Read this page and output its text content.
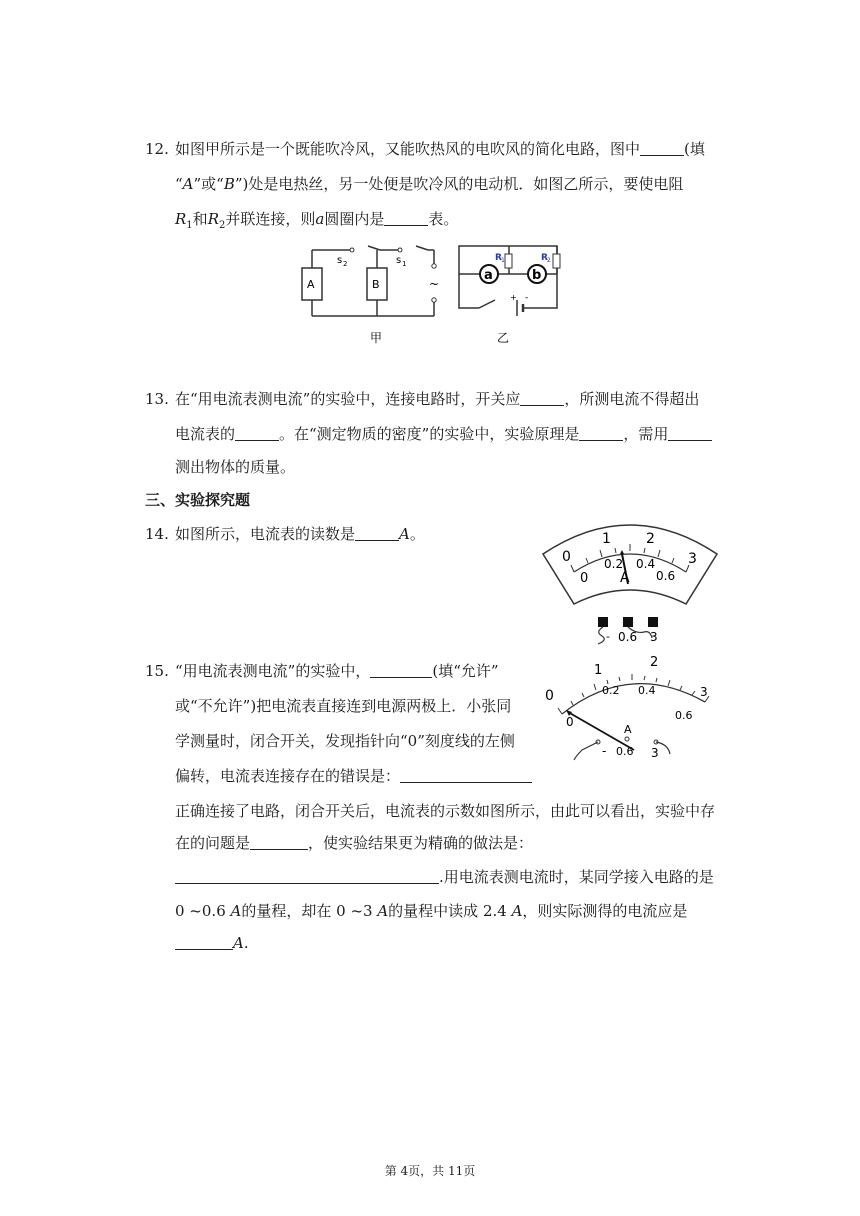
12. 如图甲所示是一个既能吹冷风，又能吹热风的电吹风的简化电路，图中	(填
“A”或“B”)处是电热丝，另一处便是吹冷风的电动机．如图乙所示，要使电阻
$R_1$和$R_2$并联连接，则a圆圈内是	表。
A	B
s 2	s 1
~
甲
a	b
R 1	R 2
+ -
乙
13. 在“用电流表测电流”的实验中，连接电路时，开关应	，所测电流不得超出
电流表的	。在“测定物质的密度”的实验中，实验原理是	，需用
测出物体的质量。
三、实验探究题
14. 如图所示，电流表的读数是	A。
0
1	2
3
0
0.2 0.4
0.6
A
- 0.6 3
0
1
2
3
0
0.2 0.4
0.6
A
- 0.6 3
15. “用电流表测电流”的实验中，	(填“允许”
或“不允许”)把电流表直接连到电源两极上．小张同
学测量时，闭合开关，发现指针向“0”刻度线的左侧
偏转，电流表连接存在的错误是：
正确连接了电路，闭合开关后，电流表的示数如图所示，由此可以看出，实验中存
在的问题是	，使实验结果更为精确的做法是：
.用电流表测电流时，某同学接入电路的是
0 ~0.6 A的量程，却在 0 ~3 A的量程中读成 2.4 A，则实际测得的电流应是
A.
第 4页，共 11页
